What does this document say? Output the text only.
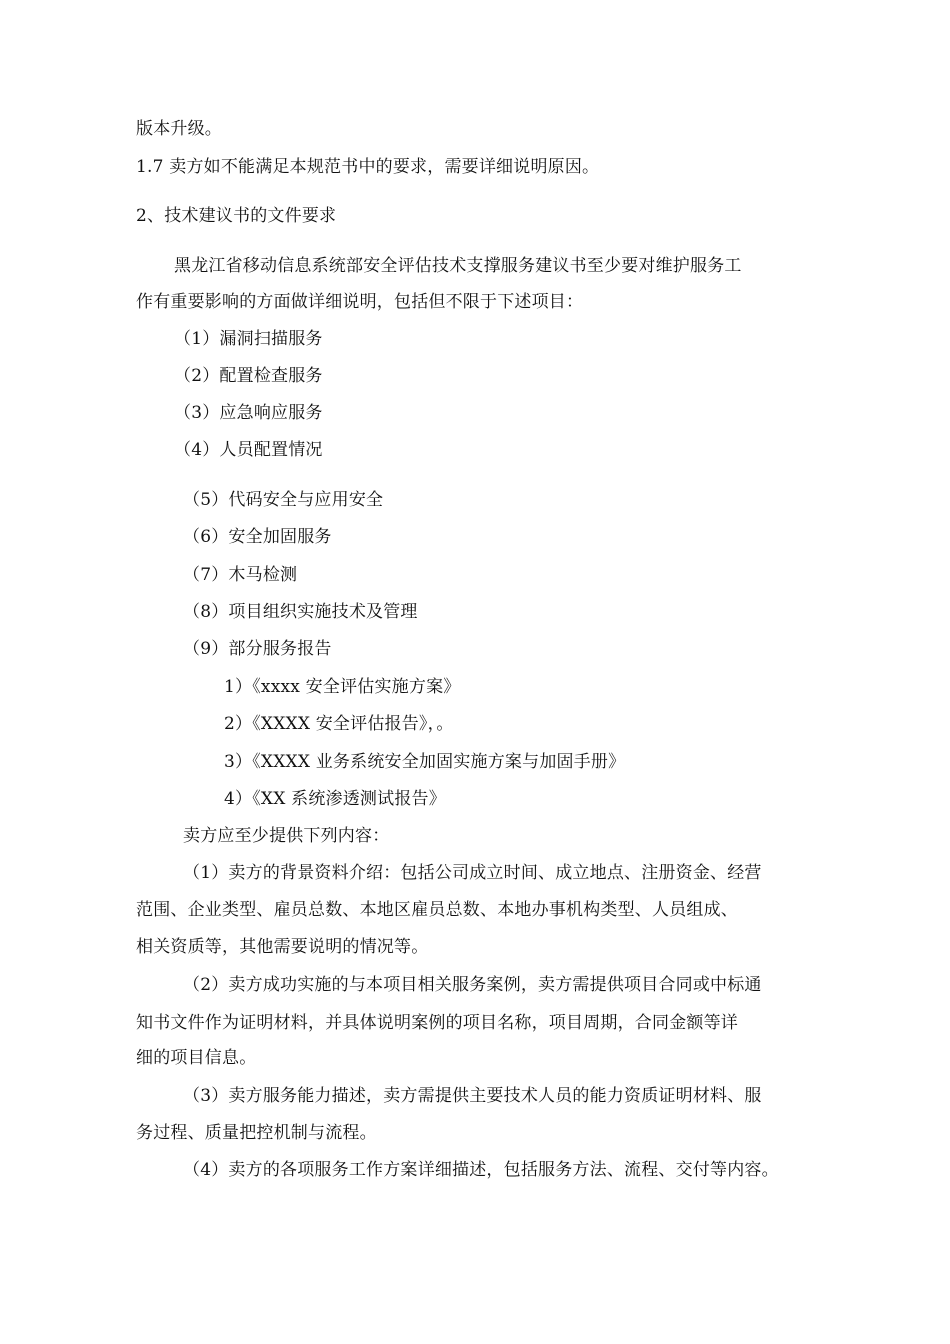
版本升级。
1.7 卖方如不能满足本规范书中的要求，需要详细说明原因。
2、技术建议书的文件要求
黑龙江省移动信息系统部安全评估技术支撑服务建议书至少要对维护服务工
作有重要影响的方面做详细说明，包括但不限于下述项目：
（1）漏洞扫描服务
（2）配置检查服务
（3）应急响应服务
（4）人员配置情况
（5）代码安全与应用安全
（6）安全加固服务
（7）木马检测
（8）项目组织实施技术及管理
（9）部分服务报告
1）《xxxx 安全评估实施方案》
2）《XXXX 安全评估报告》，。
3）《XXXX 业务系统安全加固实施方案与加固手册》
4）《XX 系统渗透测试报告》
卖方应至少提供下列内容：
（1）卖方的背景资料介绍：包括公司成立时间、成立地点、注册资金、经营
范围、企业类型、雇员总数、本地区雇员总数、本地办事机构类型、人员组成、
相关资质等，其他需要说明的情况等。
（2）卖方成功实施的与本项目相关服务案例，卖方需提供项目合同或中标通
知书文件作为证明材料，并具体说明案例的项目名称，项目周期，合同金额等详
细的项目信息。
（3）卖方服务能力描述，卖方需提供主要技术人员的能力资质证明材料、服
务过程、质量把控机制与流程。
（4）卖方的各项服务工作方案详细描述，包括服务方法、流程、交付等内容。
